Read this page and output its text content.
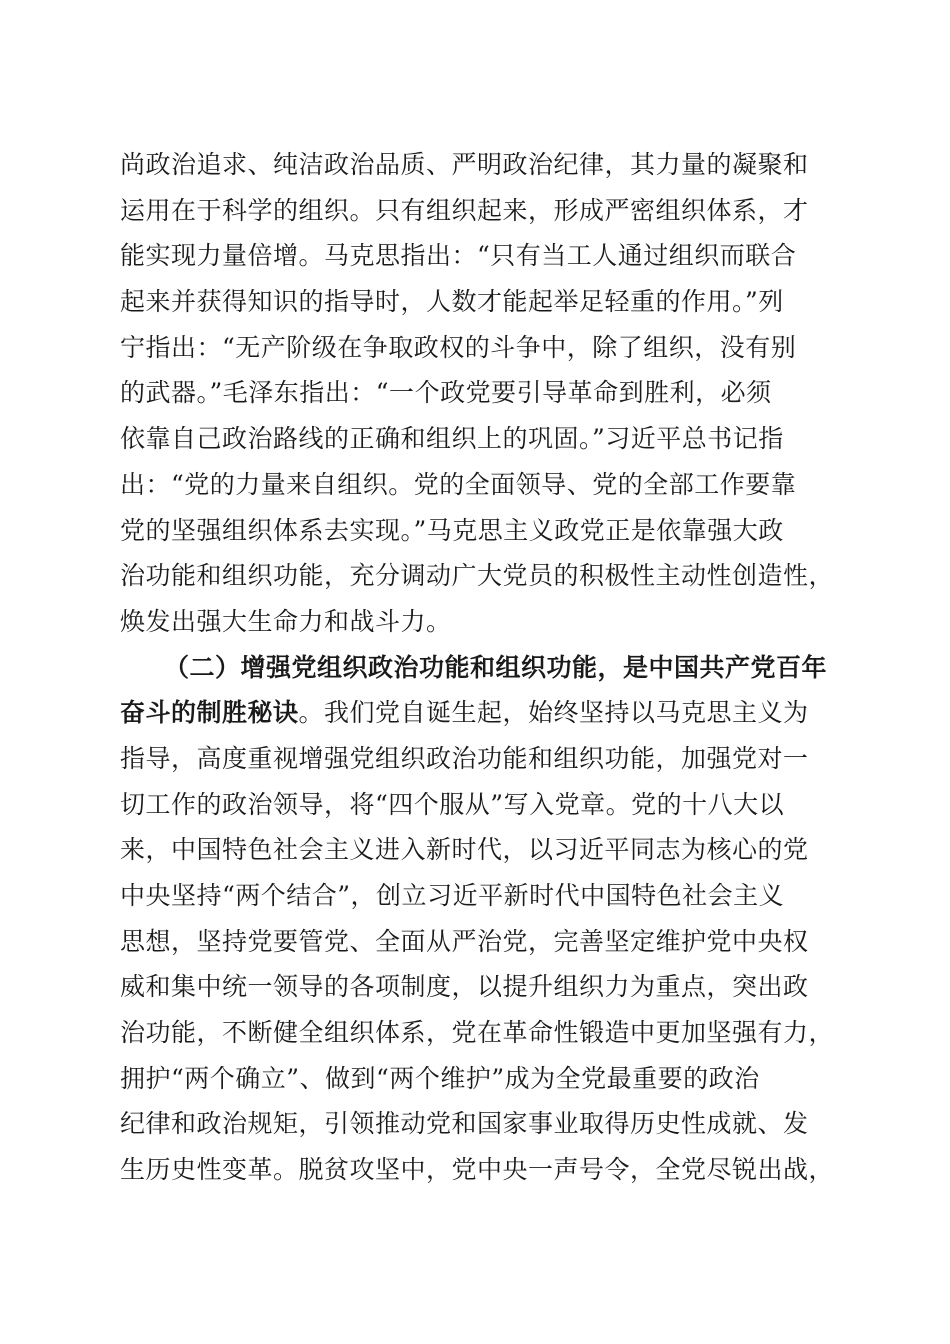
尚政治追求、纯洁政治品质、严明政治纪律，其力量的凝聚和
运用在于科学的组织。只有组织起来，形成严密组织体系，才
能实现力量倍增。马克思指出：“只有当工人通过组织而联合
起来并获得知识的指导时，人数才能起举足轻重的作用。”列
宁指出：“无产阶级在争取政权的斗争中，除了组织，没有别
的武器。”毛泽东指出：“一个政党要引导革命到胜利，必须
依靠自己政治路线的正确和组织上的巩固。”习近平总书记指
出：“党的力量来自组织。党的全面领导、党的全部工作要靠
党的坚强组织体系去实现。”马克思主义政党正是依靠强大政
治功能和组织功能，充分调动广大党员的积极性主动性创造性，
焕发出强大生命力和战斗力。
（二）增强党组织政治功能和组织功能，是中国共产党百年
奋斗的制胜秘诀。我们党自诞生起，始终坚持以马克思主义为
指导，高度重视增强党组织政治功能和组织功能，加强党对一
切工作的政治领导，将“四个服从”写入党章。党的十八大以
来，中国特色社会主义进入新时代，以习近平同志为核心的党
中央坚持“两个结合”，创立习近平新时代中国特色社会主义
思想，坚持党要管党、全面从严治党，完善坚定维护党中央权
威和集中统一领导的各项制度，以提升组织力为重点，突出政
治功能，不断健全组织体系，党在革命性锻造中更加坚强有力，
拥护“两个确立”、做到“两个维护”成为全党最重要的政治
纪律和政治规矩，引领推动党和国家事业取得历史性成就、发
生历史性变革。脱贫攻坚中，党中央一声号令，全党尽锐出战，
